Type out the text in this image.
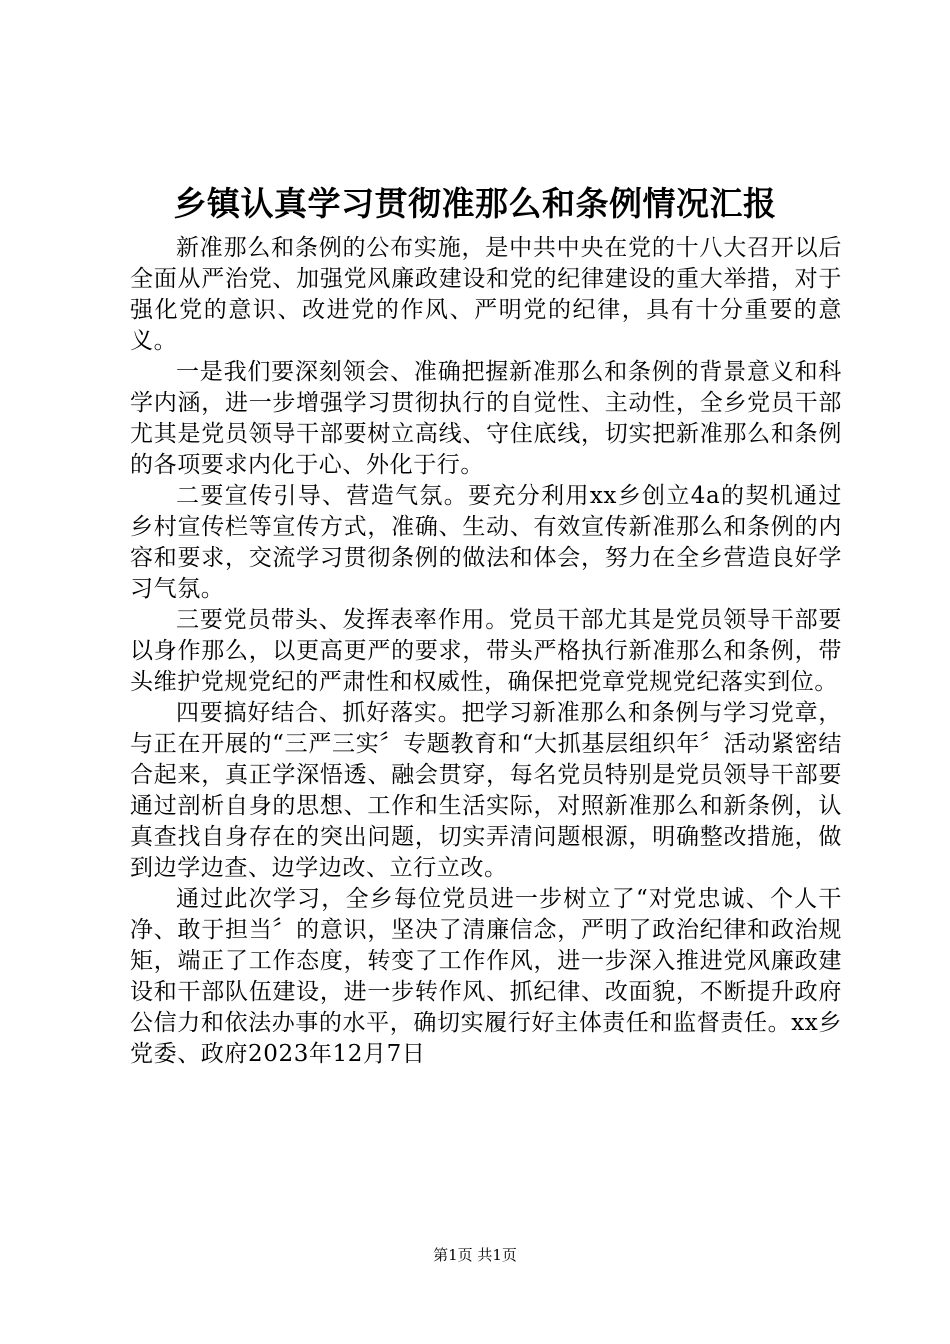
乡镇认真学习贯彻准那么和条例情况汇报

新准那么和条例的公布实施，是中共中央在党的十八大召开以后全面从严治党、加强党风廉政建设和党的纪律建设的重大举措，对于强化党的意识、改进党的作风、严明党的纪律，具有十分重要的意义。

一是我们要深刻领会、准确把握新准那么和条例的背景意义和科学内涵，进一步增强学习贯彻执行的自觉性、主动性，全乡党员干部尤其是党员领导干部要树立高线、守住底线，切实把新准那么和条例的各项要求内化于心、外化于行。

二要宣传引导、营造气氛。要充分利用xx乡创立4a的契机通过乡村宣传栏等宣传方式，准确、生动、有效宣传新准那么和条例的内容和要求，交流学习贯彻条例的做法和体会，努力在全乡营造良好学习气氛。

三要党员带头、发挥表率作用。党员干部尤其是党员领导干部要以身作那么，以更高更严的要求，带头严格执行新准那么和条例，带头维护党规党纪的严肃性和权威性，确保把党章党规党纪落实到位。

四要搞好结合、抓好落实。把学习新准那么和条例与学习党章，与正在开展的“三严三实〞专题教育和“大抓基层组织年〞活动紧密结合起来，真正学深悟透、融会贯穿，每名党员特别是党员领导干部要通过剖析自身的思想、工作和生活实际，对照新准那么和新条例，认真查找自身存在的突出问题，切实弄清问题根源，明确整改措施，做到边学边查、边学边改、立行立改。

通过此次学习，全乡每位党员进一步树立了“对党忠诚、个人干净、敢于担当〞的意识，坚决了清廉信念，严明了政治纪律和政治规矩，端正了工作态度，转变了工作作风，进一步深入推进党风廉政建设和干部队伍建设，进一步转作风、抓纪律、改面貌，不断提升政府公信力和依法办事的水平，确切实履行好主体责任和监督责任。xx乡党委、政府2023年12月7日

第1页 共1页
